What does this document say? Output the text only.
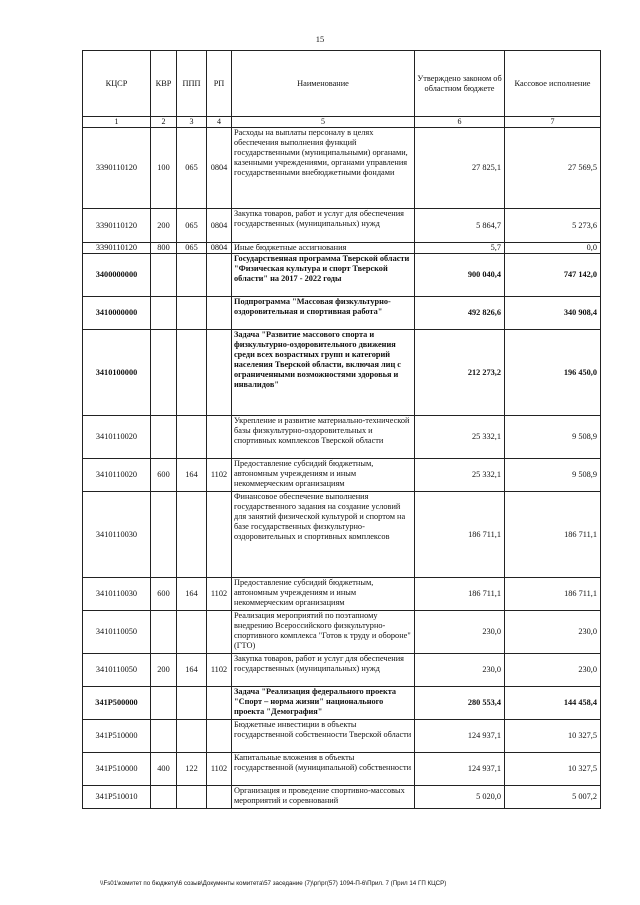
15
КЦСР	КВР	ППП	РП	Наименование	Утверждено законом об областном бюджете	Кассовое исполнение
1	2	3	4	5	6	7
3390110120	100	065	0804	Расходы на выплаты персоналу в целях обеспечения выполнения функций государственными (муниципальными) органами, казенными учреждениями, органами управления государственными внебюджетными фондами	27 825,1	27 569,5
3390110120	200	065	0804	Закупка товаров, работ и услуг для обеспечения государственных (муниципальных) нужд	5 864,7	5 273,6
3390110120	800	065	0804	Иные бюджетные ассигнования	5,7	0,0
3400000000				Государственная программа Тверской области "Физическая культура и спорт Тверской области" на 2017 - 2022 годы	900 040,4	747 142,0
3410000000				Подпрограмма "Массовая физкультурно-оздоровительная и спортивная работа"	492 826,6	340 908,4
3410100000				Задача "Развитие массового спорта и физкультурно-оздоровительного движения среди всех возрастных групп и категорий населения Тверской области, включая лиц с ограниченными возможностями здоровья и инвалидов"	212 273,2	196 450,0
3410110020				Укрепление и развитие материально-технической базы физкультурно-оздоровительных и спортивных комплексов Тверской области	25 332,1	9 508,9
3410110020	600	164	1102	Предоставление субсидий бюджетным, автономным учреждениям и иным некоммерческим организациям	25 332,1	9 508,9
3410110030				Финансовое обеспечение выполнения государственного задания на создание условий для занятий физической культурой и спортом на базе государственных физкультурно-оздоровительных и спортивных комплексов	186 711,1	186 711,1
3410110030	600	164	1102	Предоставление субсидий бюджетным, автономным учреждениям и иным некоммерческим организациям	186 711,1	186 711,1
3410110050				Реализация мероприятий по поэтапному внедрению Всероссийского физкультурно-спортивного комплекса "Готов к труду и обороне" (ГТО)	230,0	230,0
3410110050	200	164	1102	Закупка товаров, работ и услуг для обеспечения государственных (муниципальных) нужд	230,0	230,0
341P500000				Задача "Реализация федерального проекта "Спорт – норма жизни" национального проекта "Демография"	280 553,4	144 458,4
341P510000				Бюджетные инвестиции в объекты государственной собственности Тверской области	124 937,1	10 327,5
341P510000	400	122	1102	Капитальные вложения в объекты государственной (муниципальной) собственности	124 937,1	10 327,5
341P510010				Организация и проведение спортивно-массовых мероприятий и соревнований	5 020,0	5 007,2
\\Fs01\комитет по бюджету\6 созыв\Документы комитета\57 заседание (7)\рг\рг(57) 1094-П-6\Прил. 7 (Прил 14 ГП КЦСР)
